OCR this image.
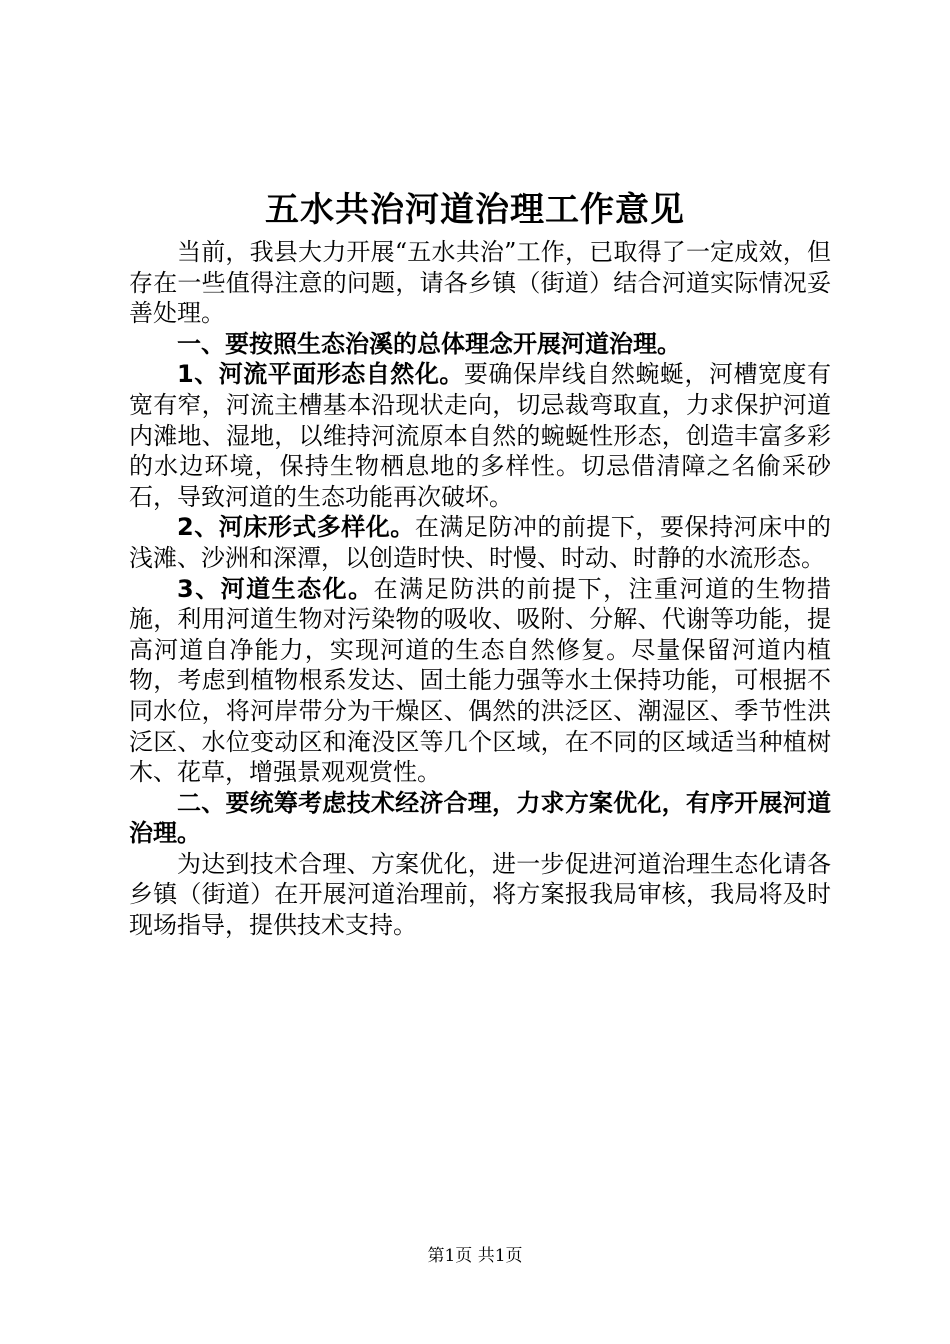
五水共治河道治理工作意见

当前，我县大力开展“五水共治”工作，已取得了一定成效，但存在一些值得注意的问题，请各乡镇（街道）结合河道实际情况妥善处理。

一、要按照生态治溪的总体理念开展河道治理。

1、河流平面形态自然化。要确保岸线自然蜿蜒，河槽宽度有宽有窄，河流主槽基本沿现状走向，切忌裁弯取直，力求保护河道内滩地、湿地，以维持河流原本自然的蜿蜒性形态，创造丰富多彩的水边环境，保持生物栖息地的多样性。切忌借清障之名偷采砂石，导致河道的生态功能再次破坏。

2、河床形式多样化。在满足防冲的前提下，要保持河床中的浅滩、沙洲和深潭，以创造时快、时慢、时动、时静的水流形态。

3、河道生态化。在满足防洪的前提下，注重河道的生物措施，利用河道生物对污染物的吸收、吸附、分解、代谢等功能，提高河道自净能力，实现河道的生态自然修复。尽量保留河道内植物，考虑到植物根系发达、固土能力强等水土保持功能，可根据不同水位，将河岸带分为干燥区、偶然的洪泛区、潮湿区、季节性洪泛区、水位变动区和淹没区等几个区域，在不同的区域适当种植树木、花草，增强景观观赏性。

二、要统筹考虑技术经济合理，力求方案优化，有序开展河道治理。

为达到技术合理、方案优化，进一步促进河道治理生态化请各乡镇（街道）在开展河道治理前，将方案报我局审核，我局将及时现场指导，提供技术支持。

第1页 共1页
